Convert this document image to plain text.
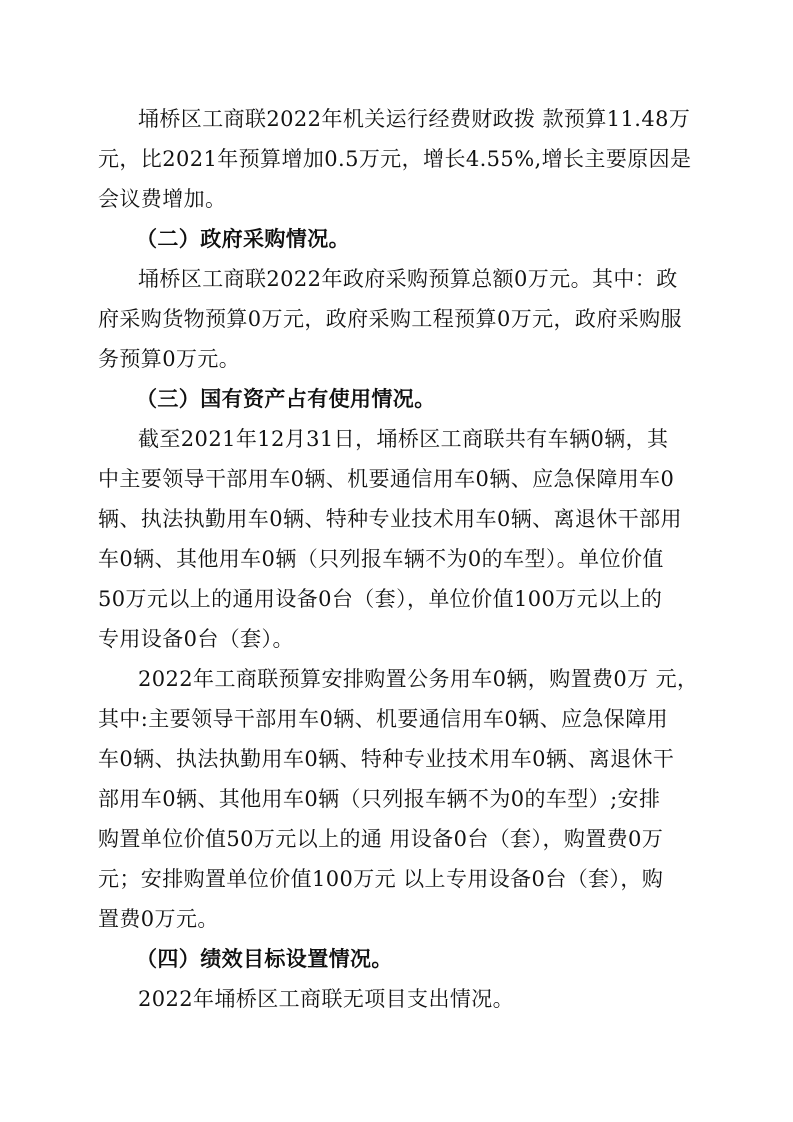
埇桥区工商联2022年机关运行经费财政拨 款预算11.48万
元，比2021年预算增加0.5万元，增长4.55%,增长主要原因是
会议费增加。
（二）政府采购情况。
埇桥区工商联2022年政府采购预算总额0万元。其中：政
府采购货物预算0万元，政府采购工程预算0万元，政府采购服
务预算0万元。
（三）国有资产占有使用情况。
截至2021年12月31日，埇桥区工商联共有车辆0辆，其
中主要领导干部用车0辆、机要通信用车0辆、应急保障用车0
辆、执法执勤用车0辆、特种专业技术用车0辆、离退休干部用
车0辆、其他用车0辆（只列报车辆不为0的车型）。单位价值
50万元以上的通用设备0台（套），单位价值100万元以上的
专用设备0台（套）。
2022年工商联预算安排购置公务用车0辆，购置费0万 元，
其中:主要领导干部用车0辆、机要通信用车0辆、应急保障用
车0辆、执法执勤用车0辆、特种专业技术用车0辆、离退休干
部用车0辆、其他用车0辆（只列报车辆不为0的车型）;安排
购置单位价值50万元以上的通 用设备0台（套），购置费0万
元；安排购置单位价值100万元 以上专用设备0台（套），购
置费0万元。
（四）绩效目标设置情况。
2022年埇桥区工商联无项目支出情况。
